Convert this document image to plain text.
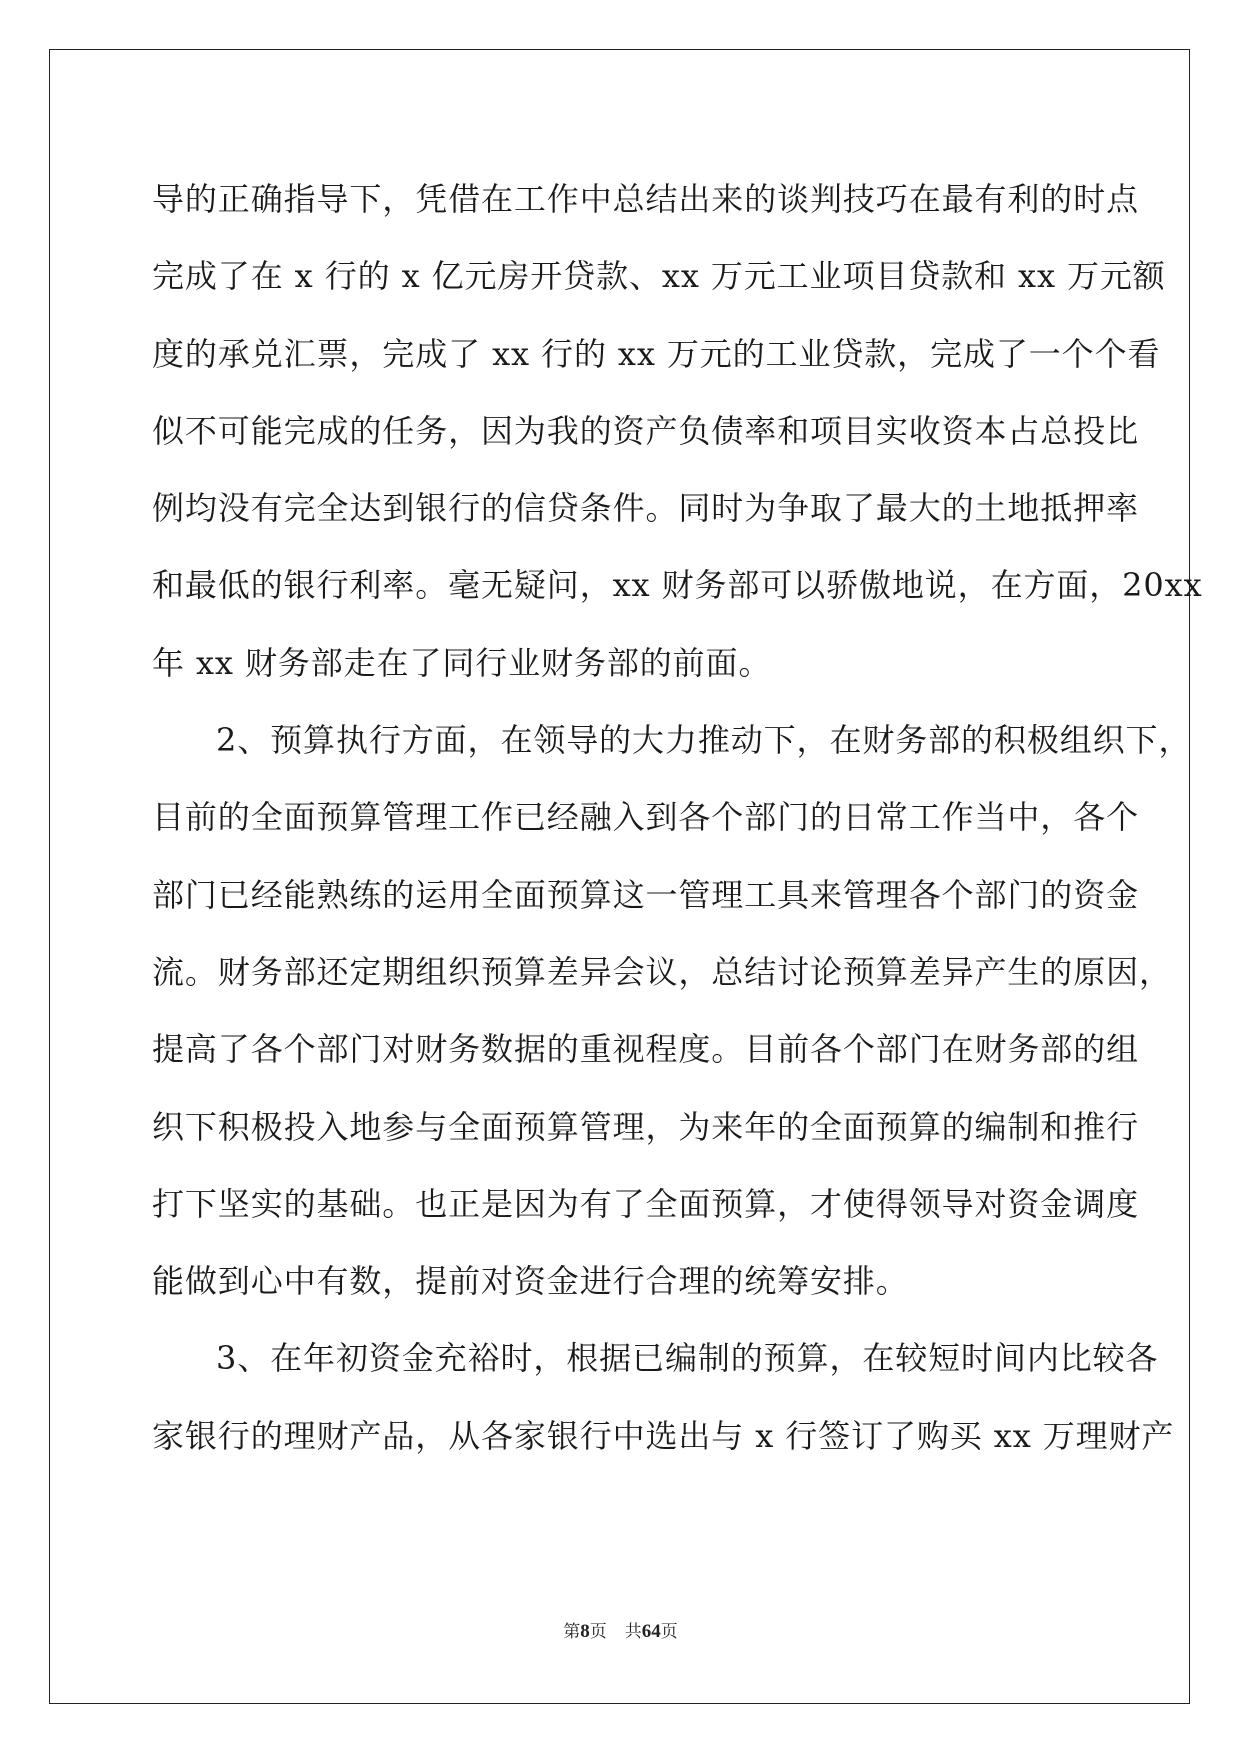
导的正确指导下，凭借在工作中总结出来的谈判技巧在最有利的时点
完成了在 x 行的 x 亿元房开贷款、xx 万元工业项目贷款和 xx 万元额
度的承兑汇票，完成了 xx 行的 xx 万元的工业贷款，完成了一个个看
似不可能完成的任务，因为我的资产负债率和项目实收资本占总投比
例均没有完全达到银行的信贷条件。同时为争取了最大的土地抵押率
和最低的银行利率。毫无疑问，xx 财务部可以骄傲地说，在方面，20xx
年 xx 财务部走在了同行业财务部的前面。

2、预算执行方面，在领导的大力推动下，在财务部的积极组织下，
目前的全面预算管理工作已经融入到各个部门的日常工作当中，各个
部门已经能熟练的运用全面预算这一管理工具来管理各个部门的资金
流。财务部还定期组织预算差异会议，总结讨论预算差异产生的原因，
提高了各个部门对财务数据的重视程度。目前各个部门在财务部的组
织下积极投入地参与全面预算管理，为来年的全面预算的编制和推行
打下坚实的基础。也正是因为有了全面预算，才使得领导对资金调度
能做到心中有数，提前对资金进行合理的统筹安排。

3、在年初资金充裕时，根据已编制的预算，在较短时间内比较各
家银行的理财产品，从各家银行中选出与 x 行签订了购买 xx 万理财产

第8页 共64页
